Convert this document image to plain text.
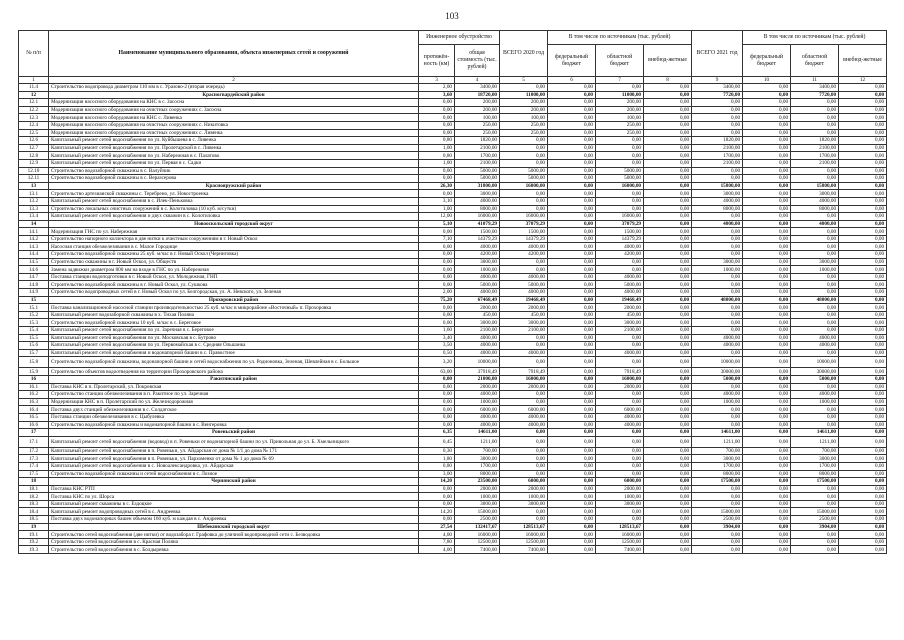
103
№ п/п	Наименование муниципального образования, объекта инженерных сетей и сооружений	Инженерное обустройство		ВСЕГО 2020 год	В том числе по источникам (тыс. рублей)			ВСЕГО 2021 год	В том числе по источникам (тыс. рублей)		
		протяжён-ность (км)	общая стоимость (тыс. рублей)		федеральный бюджет	областной бюджет	внебюд-жетные		федеральный бюджет	областной бюджет	внебюд-жетные

1	2	3	4	5	6	7	8	9	10	11	12
11.4	Строительство водопровода диаметром 110 мм в с. Уразово-2 (вторая очередь)	2,00	3400,00	0,00	0,00	0,00	0,00	3400,00	0,00	3400,00	0,00
12	Красногвардейский район	3,60	18720,00	11000,00	0,00	11000,00	0,00	7720,00	0,00	7720,00	0,00
12.1	Модернизация насосного оборудования на КНС в с. Засосна	0,00	200,00	200,00	0,00	200,00	0,00	0,00	0,00	0,00	0,00
12.2	Модернизация насосного оборудования на очистных сооружениях с. Засосна	0,00	200,00	200,00	0,00	200,00	0,00	0,00	0,00	0,00	0,00
12.3	Модернизация насосного оборудования на КНС с. Ливенка	0,00	100,00	100,00	0,00	100,00	0,00	0,00	0,00	0,00	0,00
12.4	Модернизация насосного оборудования на очистных сооружениях с. Никитовка	0,00	250,00	250,00	0,00	250,00	0,00	0,00	0,00	0,00	0,00
12.5	Модернизация насосного оборудования на очистных сооружениях с. Ливенка	0,00	250,00	250,00	0,00	250,00	0,00	0,00	0,00	0,00	0,00
12.6	Капитальный ремонт сетей водоснабжения по ул. Куйбышева в с. Ливенка	0,80	1820,00	0,00	0,00	0,00	0,00	1820,00	0,00	1820,00	0,00
12.7	Капитальный ремонт сетей водоснабжения по ул. Пролетарской в с. Ливенка	1,00	2100,00	0,00	0,00	0,00	0,00	2100,00	0,00	2100,00	0,00
12.8	Капитальный ремонт сетей водоснабжения по ул. Набережная в с. Палатово	0,80	1700,00	0,00	0,00	0,00	0,00	1700,00	0,00	1700,00	0,00
12.9	Капитальный ремонт сетей водоснабжения по ул. Первая в с. Садки	1,00	2100,00	0,00	0,00	0,00	0,00	2100,00	0,00	2100,00	0,00
12.10	Строительство водозаборной скважины в с. Валуйчик	0,00	5000,00	5000,00	0,00	5000,00	0,00	0,00	0,00	0,00	0,00
12.11	Строительство водозаборной скважины в с. Веразсерова	0,00	5000,00	5000,00	0,00	5000,00	0,00	0,00	0,00	0,00	0,00
13	Краснояружский район	26,30	31800,00	16000,00	0,00	16000,00	0,00	15800,00	0,00	15800,00	0,00
13.1	Строительство артезианской скважины с. Теребрено, ул. Новостроенка	0,00	3000,00	0,00	0,00	0,00	0,00	3000,00	0,00	3000,00	0,00
13.2	Капитальный ремонт сетей водоснабжения в с. Илек-Пеньковка	3,10	4000,00	0,00	0,00	0,00	0,00	4000,00	0,00	4000,00	0,00
13.3	Строительство локальных очистных сооружений в с. Колотиловка (10 куб. м/сутки)	1,00	8000,00	0,00	0,00	0,00	0,00	8000,00	0,00	8000,00	0,00
13.4	Капитальный ремонт сетей водоснабжения и двух скважин в с. Колотиловка	12,00	16000,00	16000,00	0,00	16000,00	0,00	0,00	0,00	0,00	0,00
14	Новооскольский городской округ	5,10	41079,29	37079,29	0,00	37079,29	0,00	4000,00	0,00	4000,00	0,00
14.1	Модернизация ГНС по ул. Набережная	0,00	1500,00	1500,00	0,00	1500,00	0,00	0,00	0,00	0,00	0,00
14.2	Строительство напорного коллектора в две нитки к очистным сооружениям в г. Новый Оскол	7,10	14379,29	14379,29	0,00	14379,29	0,00	0,00	0,00	0,00	0,00
14.3	Насосная станция обезжелезивания в с. Малое Городище	0,00	4000,00	4000,00	0,00	4000,00	0,00	0,00	0,00	0,00	0,00
14.4	Строительство водозаборной скважины 25 куб. м/час в г. Новый Оскол (Черниговка)	0,00	4200,00	4200,00	0,00	4200,00	0,00	0,00	0,00	0,00	0,00
14.5	Строительство скважины в г. Новый Оскол, ул. Обществ	0,00	3000,00	0,00	0,00	0,00	0,00	3000,00	0,00	3000,00	0,00
14.6	Замена задвижки диаметром 800 мм на входе в ГНС по ул. Набережная	0,00	1000,00	0,00	0,00	0,00	0,00	1000,00	0,00	1000,00	0,00
14.7	Поставка станции водоподготовки в г. Новый Оскол, ул. Молодежная, ГНП	0,00	4000,00	4000,00	0,00	4000,00	0,00	0,00	0,00	0,00	0,00
14.8	Строительство водозаборной скважины в г. Новый Оскол, ул. Сушкова	0,00	5000,00	5000,00	0,00	5000,00	0,00	0,00	0,00	0,00	0,00
14.9	Строительство водопроводных сетей в г. Новый Оскол по ул. Белгородская, ул. А. Невского, ул. Зеленая	2,00	4000,00	4000,00	0,00	4000,00	0,00	0,00	0,00	0,00	0,00
15	Прохоровский район	75,20	67468,49	19468,49	0,00	19468,49	0,00	48000,00	0,00	48000,00	0,00
15.1	Поставка канализационной насосной станции производительностью 25 куб. м/час в микрорайоне «Восточный» п. Прохоровка	0,00	2000,00	2000,00	0,00	2000,00	0,00	0,00	0,00	0,00	0,00
15.2	Капитальный ремонт водозаборной скважины в х. Тихая Поляна	0,00	450,00	450,00	0,00	450,00	0,00	0,00	0,00	0,00	0,00
15.3	Строительство водозаборной скважины 10 куб. м/час в с. Береговое	0,00	3000,00	3000,00	0,00	3000,00	0,00	0,00	0,00	0,00	0,00
15.4	Капитальный ремонт сетей водоснабжения по ул. Заречная в с. Береговое	1,60	2100,00	2100,00	0,00	2100,00	0,00	0,00	0,00	0,00	0,00
15.5	Капитальный ремонт сетей водоснабжения по ул. Московская в с. Бутрово	3,40	4000,00	0,00	0,00	0,00	0,00	4000,00	0,00	4000,00	0,00
15.6	Капитальный ремонт сетей водоснабжения по ул. Первомайская в с. Средняя Ольшанка	3,50	4000,00	0,00	0,00	0,00	0,00	4000,00	0,00	4000,00	0,00
15.7	Капитальный ремонт сетей водоснабжения и водонапорной башни в с. Правостное	0,50	4000,00	4000,00	0,00	4000,00	0,00	0,00	0,00	0,00	0,00
15.8	Строительство водозаборной скважины, водонапорной башни и сетей водоснабжения по ул. Родионовка, Зеленая, Шевлейная в с. Большое	3,20	10000,00	0,00	0,00	0,00	0,00	10000,00	0,00	10000,00	0,00
15.9	Строительство объектов водоотведения на территории Прохоровского района	63,00	37918,49	7918,49	0,00	7918,49	0,00	30000,00	0,00	30000,00	0,00
16	Ракитянский район	0,00	21000,00	16000,00	0,00	16000,00	0,00	5000,00	0,00	5000,00	0,00
16.1	Поставка КНС в п. Пролетарский, ул. Покровская	0,00	2000,00	2000,00	0,00	2000,00	0,00	0,00	0,00	0,00	0,00
16.2	Строительство станции обезжелезивания в п. Ракитное по ул. Заречная	0,00	4000,00	0,00	0,00	0,00	0,00	4000,00	0,00	4000,00	0,00
16.3	Модернизация КНС в п. Пролетарский по ул. Железнодорожная	0,00	1000,00	0,00	0,00	0,00	0,00	1000,00	0,00	1000,00	0,00
16.4	Поставка двух станций обезжелезивания в с. Солдатское	0,00	6000,00	6000,00	0,00	6000,00	0,00	0,00	0,00	0,00	0,00
16.5	Поставка станции обезжелезивания в с. Цыбулевка	0,00	4000,00	4000,00	0,00	4000,00	0,00	0,00	0,00	0,00	0,00
16.6	Строительство водозаборной скважины и водонапорной башни в с. Венгеровка	0,00	4000,00	4000,00	0,00	4000,00	0,00	0,00	0,00	0,00	0,00
17	Ровеньский район	6,35	14611,00	0,00	0,00	0,00	0,00	14611,00	0,00	14611,00	0,00
17.1	Капитальный ремонт сетей водоснабжения (водовод) в п. Ровеньки от водонапорной башни по ул. Привольная до ул. Б. Хмельницкого	0,45	1211,00	0,00	0,00	0,00	0,00	1211,00	0,00	1211,00	0,00
17.2	Капитальный ремонт сетей водоснабжения в п. Ровеньки, ул. Айдарская от дома № 1/1 до дома № 171	0,30	700,00	0,00	0,00	0,00	0,00	700,00	0,00	700,00	0,00
17.3	Капитальный ремонт сетей водоснабжения в п. Ровеньки, ул. Пархоменко от дома № 1 до дома № 69	1,80	3000,00	0,00	0,00	0,00	0,00	3000,00	0,00	3000,00	0,00
17.4	Капитальный ремонт сетей водоснабжения в с. Новоалександровка, ул. Айдарская	0,80	1700,00	0,00	0,00	0,00	0,00	1700,00	0,00	1700,00	0,00
17.5	Строительство водозаборной скважины и сетей водоснабжения в с. Лозное	3,00	8000,00	0,00	0,00	0,00	0,00	8000,00	0,00	8000,00	0,00
18	Чернянский район	14,20	23500,00	6000,00	0,00	6000,00	0,00	17500,00	0,00	17500,00	0,00
18.1	Поставка КНС РТП	0,00	2000,00	2000,00	0,00	2000,00	0,00	0,00	0,00	0,00	0,00
18.2	Поставка КНС по ул. Шорса	0,00	1000,00	1000,00	0,00	1000,00	0,00	0,00	0,00	0,00	0,00
18.3	Капитальный ремонт скважины в с. Ездоцкое	0,00	3000,00	3000,00	0,00	3000,00	0,00	0,00	0,00	0,00	0,00
18.4	Капитальный ремонт водопроводных сетей в с. Андреевка	14,20	15000,00	0,00	0,00	0,00	0,00	15000,00	0,00	15000,00	0,00
18.5	Поставка двух водонапорных башен объемом 160 куб. м каждая в с. Андреевка	0,00	2500,00	0,00	0,00	0,00	0,00	2500,00	0,00	2500,00	0,00
19	Шебекинский городской округ	27,54	132417,67	128513,67	0,00	128513,67	0,00	3904,00	0,00	3904,00	0,00
19.1	Строительство сетей водоснабжения (две нитки) от водозабора г. Графовка до уличной водопроводной сети с. Безводовка	4,00	16000,00	16000,00	0,00	16000,00	0,00	0,00	0,00	0,00	0,00
19.2	Строительство сетей водоснабжения в с. Красная Поляна	7,80	12500,00	12500,00	0,00	12500,00	0,00	0,00	0,00	0,00	0,00
19.3	Строительство сетей водоснабжения в с. Болдыревка	4,00	7400,00	7400,00	0,00	7400,00	0,00	0,00	0,00	0,00	0,00
